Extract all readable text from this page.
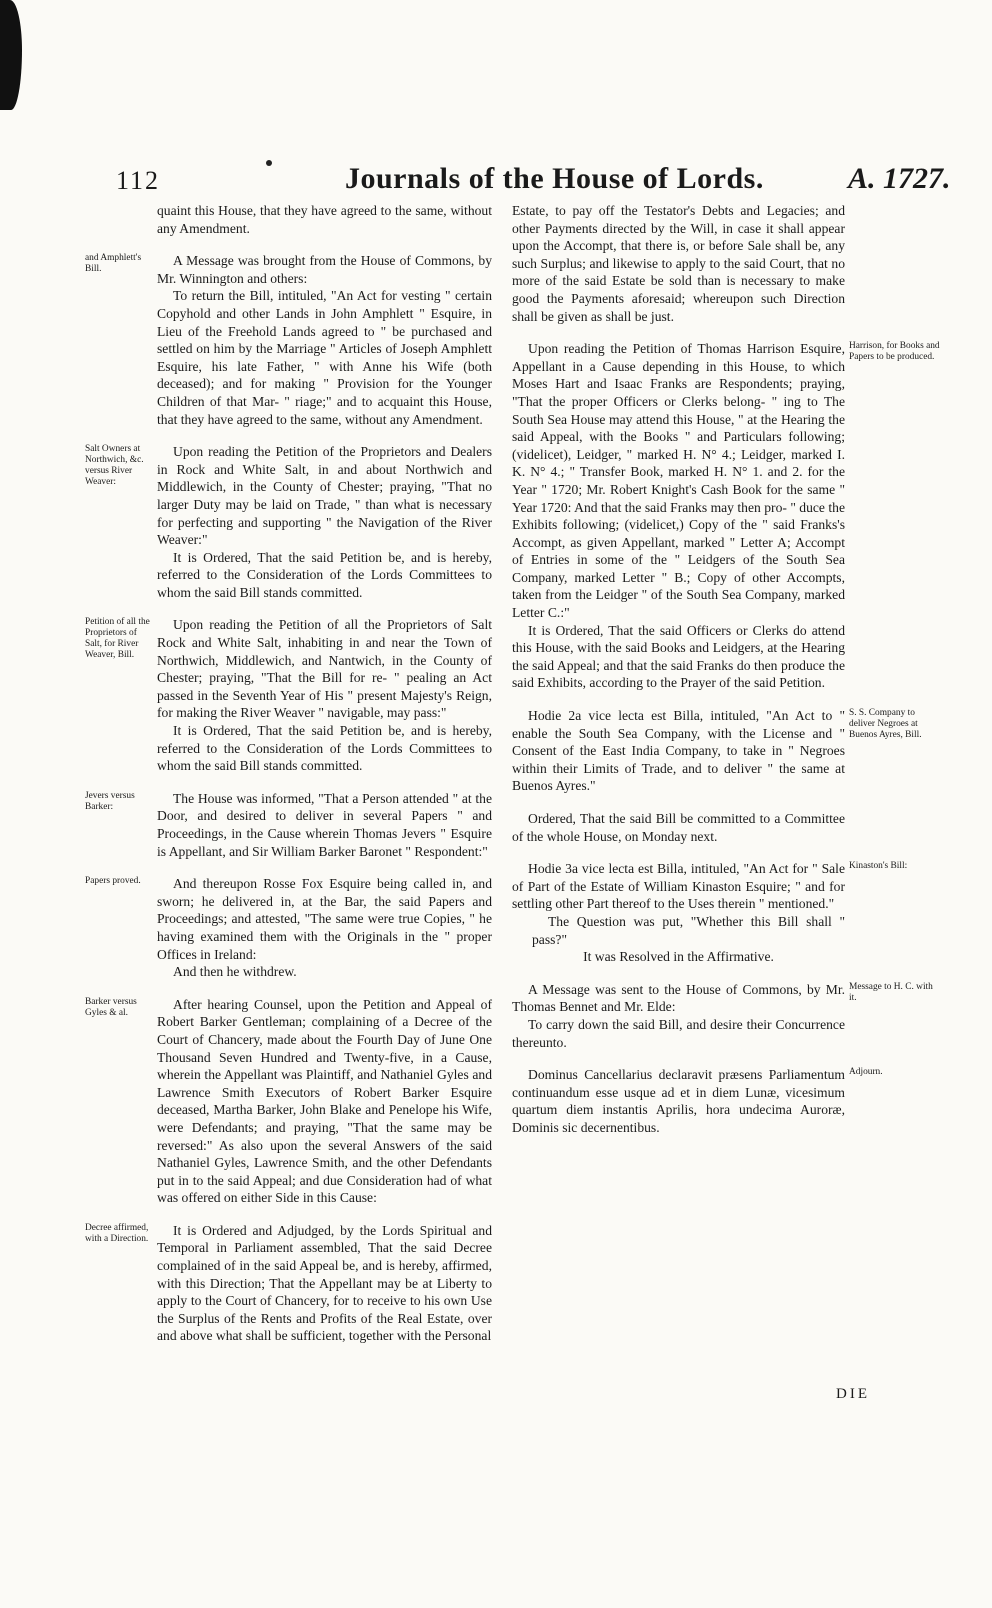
112	Journals of the House of Lords.	A. 1727.

quaint this House, that they have agreed to the same, without any Amendment.

and Amphlett's Bill.

A Message was brought from the House of Commons, by Mr. Winnington and others:

To return the Bill, intituled, "An Act for vesting " certain Copyhold and other Lands in John Amphlett " Esquire, in Lieu of the Freehold Lands agreed to " be purchased and settled on him by the Marriage " Articles of Joseph Amphlett Esquire, his late Father, " with Anne his Wife (both deceased); and for making " Provision for the Younger Children of that Mar- " riage;" and to acquaint this House, that they have agreed to the same, without any Amendment.

Salt Owners at Northwich, &c. versus River Weaver:

Upon reading the Petition of the Proprietors and Dealers in Rock and White Salt, in and about Northwich and Middlewich, in the County of Chester; praying, "That no larger Duty may be laid on Trade, " than what is necessary for perfecting and supporting " the Navigation of the River Weaver:"

It is Ordered, That the said Petition be, and is hereby, referred to the Consideration of the Lords Committees to whom the said Bill stands committed.

Petition of all the Proprietors of Salt, for River Weaver, Bill.

Upon reading the Petition of all the Proprietors of Salt Rock and White Salt, inhabiting in and near the Town of Northwich, Middlewich, and Nantwich, in the County of Chester; praying, "That the Bill for re- " pealing an Act passed in the Seventh Year of His " present Majesty's Reign, for making the River Weaver " navigable, may pass:"

It is Ordered, That the said Petition be, and is hereby, referred to the Consideration of the Lords Committees to whom the said Bill stands committed.

Jevers versus Barker:

The House was informed, "That a Person attended " at the Door, and desired to deliver in several Papers " and Proceedings, in the Cause wherein Thomas Jevers " Esquire is Appellant, and Sir William Barker Baronet " Respondent:"

Papers proved.	And thereupon Rosse Fox Esquire being called in, and sworn; he delivered in, at the Bar, the said Papers and Proceedings; and attested, "The same were true Copies, " he having examined them with the Originals in the " proper Offices in Ireland:

And then he withdrew.

Barker versus Gyles & al.

After hearing Counsel, upon the Petition and Appeal of Robert Barker Gentleman; complaining of a Decree of the Court of Chancery, made about the Fourth Day of June One Thousand Seven Hundred and Twenty-five, in a Cause, wherein the Appellant was Plaintiff, and Nathaniel Gyles and Lawrence Smith Executors of Robert Barker Esquire deceased, Martha Barker, John Blake and Penelope his Wife, were Defendants; and praying, "That the same may be reversed:" As also upon the several Answers of the said Nathaniel Gyles, Lawrence Smith, and the other Defendants put in to the said Appeal; and due Consideration had of what was offered on either Side in this Cause:

Decree affirmed, with a Direction.

It is Ordered and Adjudged, by the Lords Spiritual and Temporal in Parliament assembled, That the said Decree complained of in the said Appeal be, and is hereby, affirmed, with this Direction; That the Appellant may be at Liberty to apply to the Court of Chancery, for to receive to his own Use the Surplus of the Rents and Profits of the Real Estate, over and above what shall be sufficient, together with the Personal

Estate, to pay off the Testator's Debts and Legacies; and other Payments directed by the Will, in case it shall appear upon the Accompt, that there is, or before Sale shall be, any such Surplus; and likewise to apply to the said Court, that no more of the said Estate be sold than is necessary to make good the Payments aforesaid; whereupon such Direction shall be given as shall be just.

Harrison, for Books and Papers to be produced.

Upon reading the Petition of Thomas Harrison Esquire, Appellant in a Cause depending in this House, to which Moses Hart and Isaac Franks are Respondents; praying, "That the proper Officers or Clerks belong- " ing to The South Sea House may attend this House, " at the Hearing the said Appeal, with the Books " and Particulars following; (videlicet), Leidger, " marked H. N° 4.; Leidger, marked I. K. N° 4.; " Transfer Book, marked H. N° 1. and 2. for the Year " 1720; Mr. Robert Knight's Cash Book for the same " Year 1720: And that the said Franks may then pro- " duce the Exhibits following; (videlicet,) Copy of the " said Franks's Accompt, as given Appellant, marked " Letter A; Accompt of Entries in some of the " Leidgers of the South Sea Company, marked Letter " B.; Copy of other Accompts, taken from the Leidger " of the South Sea Company, marked Letter C.:"

It is Ordered, That the said Officers or Clerks do attend this House, with the said Books and Leidgers, at the Hearing the said Appeal; and that the said Franks do then produce the said Exhibits, according to the Prayer of the said Petition.

S. S. Company to deliver Negroes at Buenos Ayres, Bill.

Hodie 2a vice lecta est Billa, intituled, "An Act to " enable the South Sea Company, with the License and " Consent of the East India Company, to take in " Negroes within their Limits of Trade, and to deliver " the same at Buenos Ayres."

Ordered, That the said Bill be committed to a Committee of the whole House, on Monday next.

Kinaston's Bill:

Hodie 3a vice lecta est Billa, intituled, "An Act for " Sale of Part of the Estate of William Kinaston Esquire; " and for settling other Part thereof to the Uses therein " mentioned."

The Question was put, "Whether this Bill shall " pass?"

It was Resolved in the Affirmative.

Message to H. C. with it.

A Message was sent to the House of Commons, by Mr. Thomas Bennet and Mr. Elde:

To carry down the said Bill, and desire their Concurrence thereunto.

Adjourn.

Dominus Cancellarius declaravit præsens Parliamentum continuandum esse usque ad et in diem Lunæ, vicesimum quartum diem instantis Aprilis, hora undecima Auroræ, Dominis sic decernentibus.

DIE
